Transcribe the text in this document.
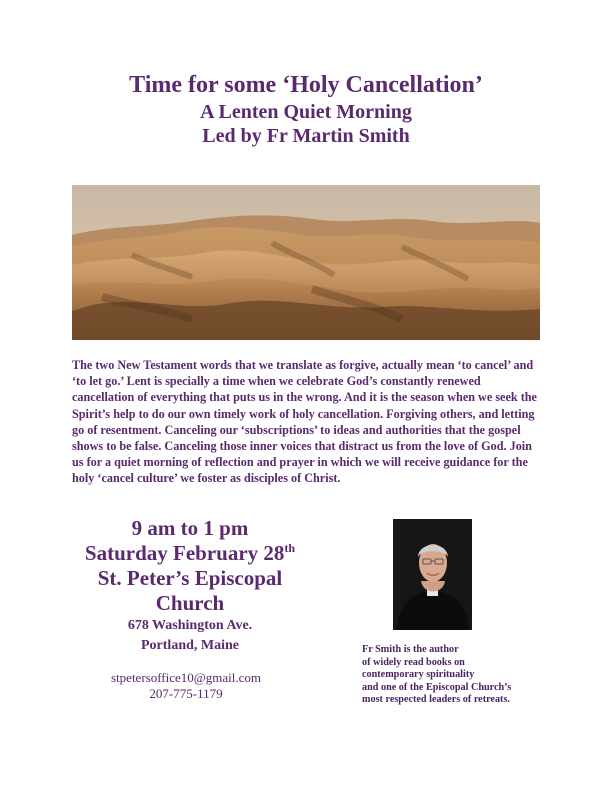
Time for some ‘Holy Cancellation’
A Lenten Quiet Morning
Led by Fr Martin Smith
The two New Testament words that we translate as forgive, actually mean ‘to cancel’ and ‘to let go.’ Lent is specially a time when we celebrate God’s constantly renewed cancellation of everything that puts us in the wrong. And it is the season when we seek the Spirit’s help to do our own timely work of holy cancellation. Forgiving others, and letting go of resentment. Canceling our ‘subscriptions’ to ideas and authorities that the gospel shows to be false. Canceling those inner voices that distract us from the love of God. Join us for a quiet morning of reflection and prayer in which we will receive guidance for the holy ‘cancel culture’ we foster as disciples of Christ.
9 am to 1 pm
Saturday February 28th
St. Peter’s Episcopal
Church
678 Washington Ave.
Portland, Maine
stpetersoffice10@gmail.com
207-775-1179
Fr Smith is the author
of widely read books on
contemporary spirituality
and one of the Episcopal Church’s
most respected leaders of retreats.
